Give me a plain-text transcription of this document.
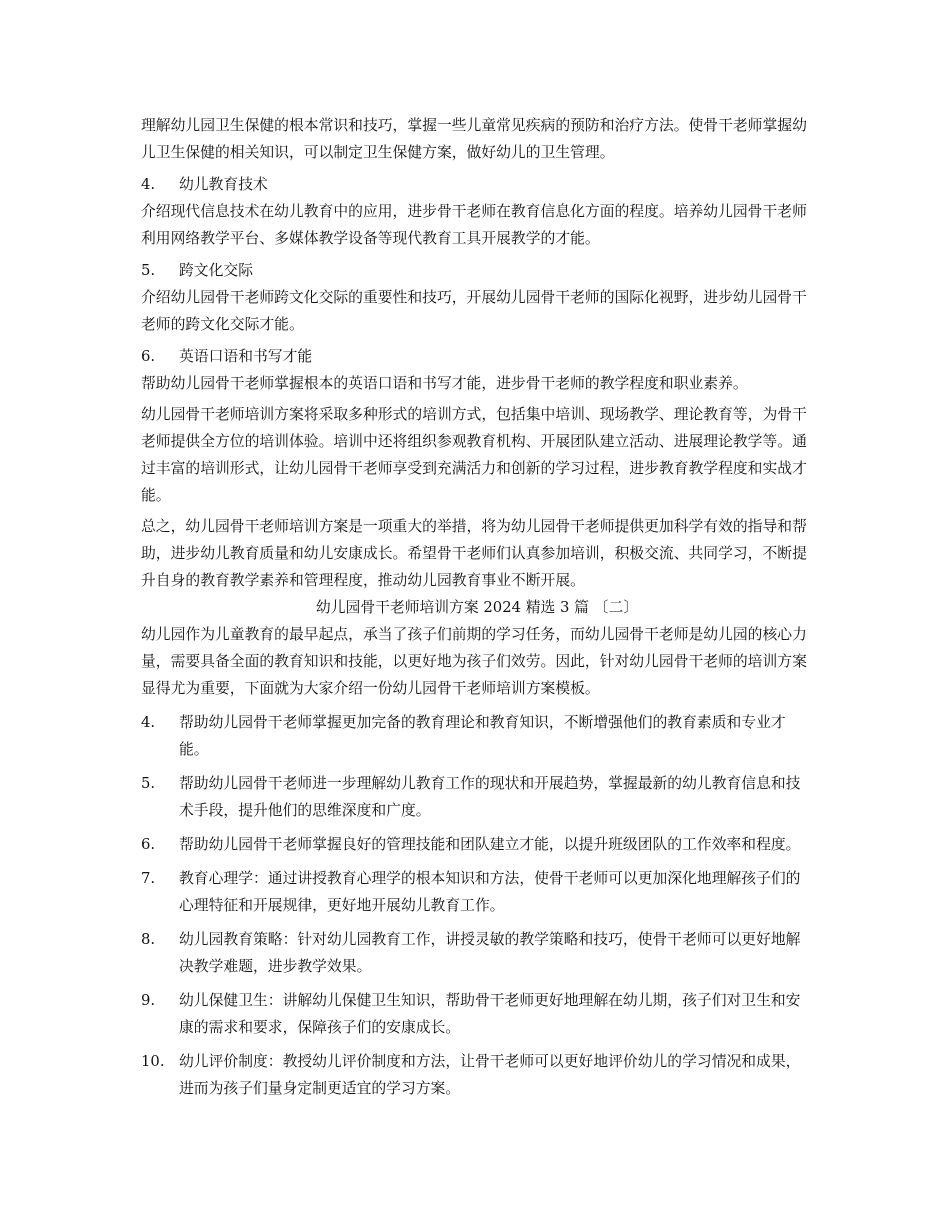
理解幼儿园卫生保健的根本常识和技巧，掌握一些儿童常见疾病的预防和治疗方法。使骨干老师掌握幼儿卫生保健的相关知识，可以制定卫生保健方案，做好幼儿的卫生管理。

4.	幼儿教育技术

介绍现代信息技术在幼儿教育中的应用，进步骨干老师在教育信息化方面的程度。培养幼儿园骨干老师利用网络教学平台、多媒体教学设备等现代教育工具开展教学的才能。

5.	跨文化交际

介绍幼儿园骨干老师跨文化交际的重要性和技巧，开展幼儿园骨干老师的国际化视野，进步幼儿园骨干老师的跨文化交际才能。

6.	英语口语和书写才能

帮助幼儿园骨干老师掌握根本的英语口语和书写才能，进步骨干老师的教学程度和职业素养。

幼儿园骨干老师培训方案将采取多种形式的培训方式，包括集中培训、现场教学、理论教育等，为骨干老师提供全方位的培训体验。培训中还将组织参观教育机构、开展团队建立活动、进展理论教学等。通过丰富的培训形式，让幼儿园骨干老师享受到充满活力和创新的学习过程，进步教育教学程度和实战才能。

总之，幼儿园骨干老师培训方案是一项重大的举措，将为幼儿园骨干老师提供更加科学有效的指导和帮助，进步幼儿教育质量和幼儿安康成长。希望骨干老师们认真参加培训，积极交流、共同学习，不断提升自身的教育教学素养和管理程度，推动幼儿园教育事业不断开展。

幼儿园骨干老师培训方案 2024 精选 3 篇 〔二〕

幼儿园作为儿童教育的最早起点，承当了孩子们前期的学习任务，而幼儿园骨干老师是幼儿园的核心力量，需要具备全面的教育知识和技能，以更好地为孩子们效劳。因此，针对幼儿园骨干老师的培训方案显得尤为重要，下面就为大家介绍一份幼儿园骨干老师培训方案模板。

4.	帮助幼儿园骨干老师掌握更加完备的教育理论和教育知识，不断增强他们的教育素质和专业才能。
5.	帮助幼儿园骨干老师进一步理解幼儿教育工作的现状和开展趋势，掌握最新的幼儿教育信息和技术手段，提升他们的思维深度和广度。
6.	帮助幼儿园骨干老师掌握良好的管理技能和团队建立才能，以提升班级团队的工作效率和程度。
7.	教育心理学：通过讲授教育心理学的根本知识和方法，使骨干老师可以更加深化地理解孩子们的心理特征和开展规律，更好地开展幼儿教育工作。
8.	幼儿园教育策略：针对幼儿园教育工作，讲授灵敏的教学策略和技巧，使骨干老师可以更好地解决教学难题，进步教学效果。
9.	幼儿保健卫生：讲解幼儿保健卫生知识，帮助骨干老师更好地理解在幼儿期，孩子们对卫生和安康的需求和要求，保障孩子们的安康成长。
10. 幼儿评价制度：教授幼儿评价制度和方法，让骨干老师可以更好地评价幼儿的学习情况和成果，进而为孩子们量身定制更适宜的学习方案。
